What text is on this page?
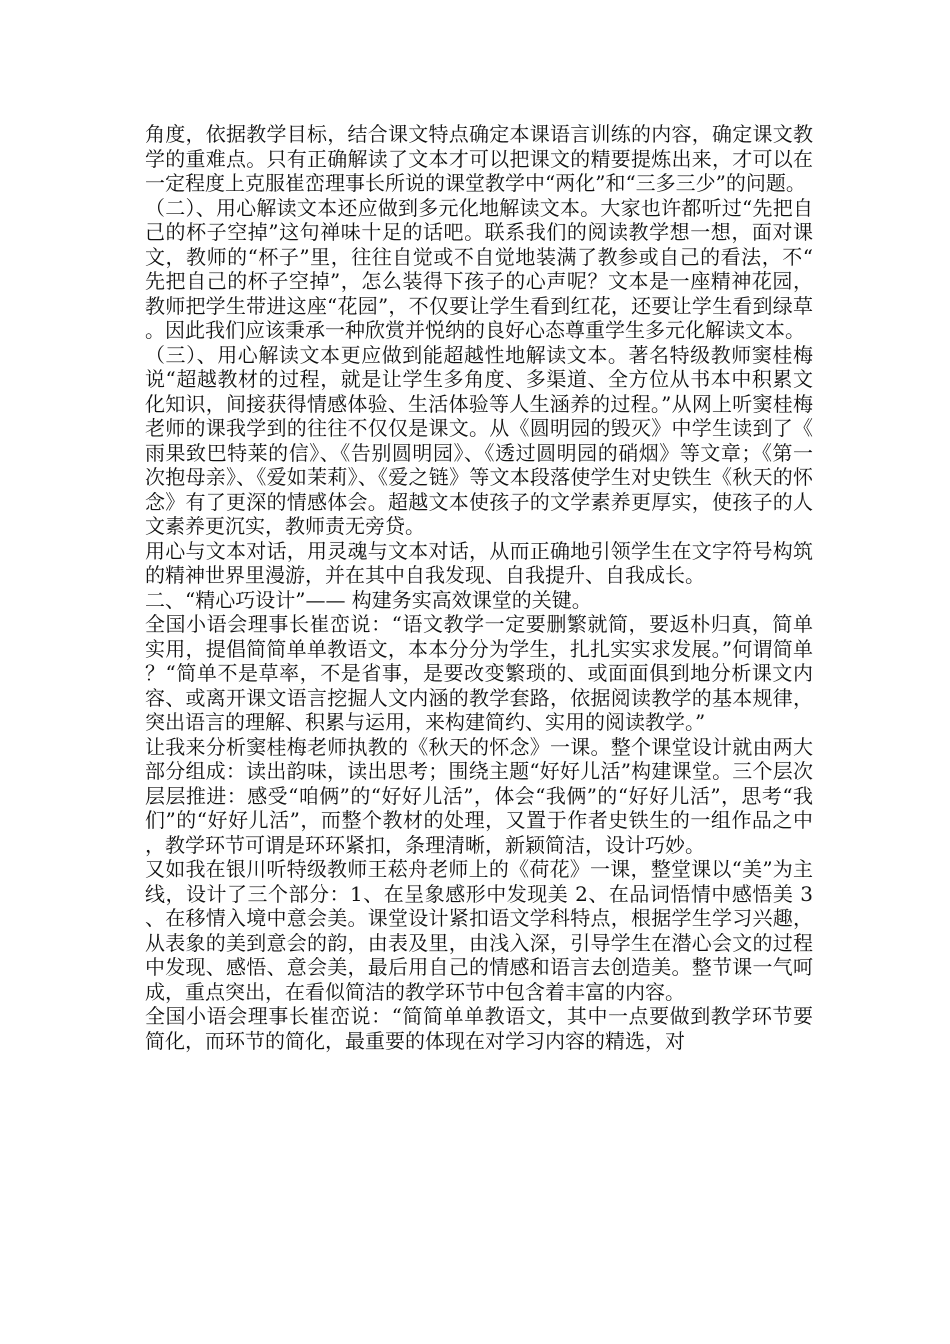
角度，依据教学目标，结合课文特点确定本课语言训练的内容，确定课文教学的重难点。只有正确解读了文本才可以把课文的精要提炼出来，才可以在一定程度上克服崔峦理事长所说的课堂教学中“两化”和“三多三少”的问题。

（二）、用心解读文本还应做到多元化地解读文本。大家也许都听过“先把自己的杯子空掉”这句禅味十足的话吧。联系我们的阅读教学想一想，面对课文，教师的“杯子”里，往往自觉或不自觉地装满了教参或自己的看法，不“先把自己的杯子空掉”，怎么装得下孩子的心声呢？文本是一座精神花园，教师把学生带进这座“花园”，不仅要让学生看到红花，还要让学生看到绿草。因此我们应该秉承一种欣赏并悦纳的良好心态尊重学生多元化解读文本。

（三）、用心解读文本更应做到能超越性地解读文本。著名特级教师窦桂梅说“超越教材的过程，就是让学生多角度、多渠道、全方位从书本中积累文化知识，间接获得情感体验、生活体验等人生涵养的过程。”从网上听窦桂梅老师的课我学到的往往不仅仅是课文。从《圆明园的毁灭》中学生读到了《雨果致巴特莱的信》、《告别圆明园》、《透过圆明园的硝烟》等文章；《第一次抱母亲》、《爱如茉莉》、《爱之链》等文本段落使学生对史铁生《秋天的怀念》有了更深的情感体会。超越文本使孩子的文学素养更厚实，使孩子的人文素养更沉实，教师责无旁贷。

用心与文本对话，用灵魂与文本对话，从而正确地引领学生在文字符号构筑的精神世界里漫游，并在其中自我发现、自我提升、自我成长。

二、“精心巧设计”—— 构建务实高效课堂的关键。

全国小语会理事长崔峦说：“语文教学一定要删繁就简，要返朴归真，简单实用，提倡简简单单教语文，本本分分为学生，扎扎实实求发展。”何谓简单？“简单不是草率，不是省事，是要改变繁琐的、或面面俱到地分析课文内容、或离开课文语言挖掘人文内涵的教学套路，依据阅读教学的基本规律，突出语言的理解、积累与运用，来构建简约、实用的阅读教学。”

让我来分析窦桂梅老师执教的《秋天的怀念》一课。整个课堂设计就由两大部分组成：读出韵味，读出思考；围绕主题“好好儿活”构建课堂。三个层次层层推进：感受“咱俩”的“好好儿活”，体会“我俩”的“好好儿活”，思考“我们”的“好好儿活”，而整个教材的处理，又置于作者史铁生的一组作品之中，教学环节可谓是环环紧扣，条理清晰，新颖简洁，设计巧妙。

又如我在银川听特级教师王菘舟老师上的《荷花》一课，整堂课以“美”为主线，设计了三个部分：1、在呈象感形中发现美 2、在品词悟情中感悟美 3、在移情入境中意会美。课堂设计紧扣语文学科特点，根据学生学习兴趣，从表象的美到意会的韵，由表及里，由浅入深，引导学生在潜心会文的过程中发现、感悟、意会美，最后用自己的情感和语言去创造美。整节课一气呵成，重点突出，在看似简洁的教学环节中包含着丰富的内容。

全国小语会理事长崔峦说：“简简单单教语文，其中一点要做到教学环节要简化，而环节的简化，最重要的体现在对学习内容的精选，对
